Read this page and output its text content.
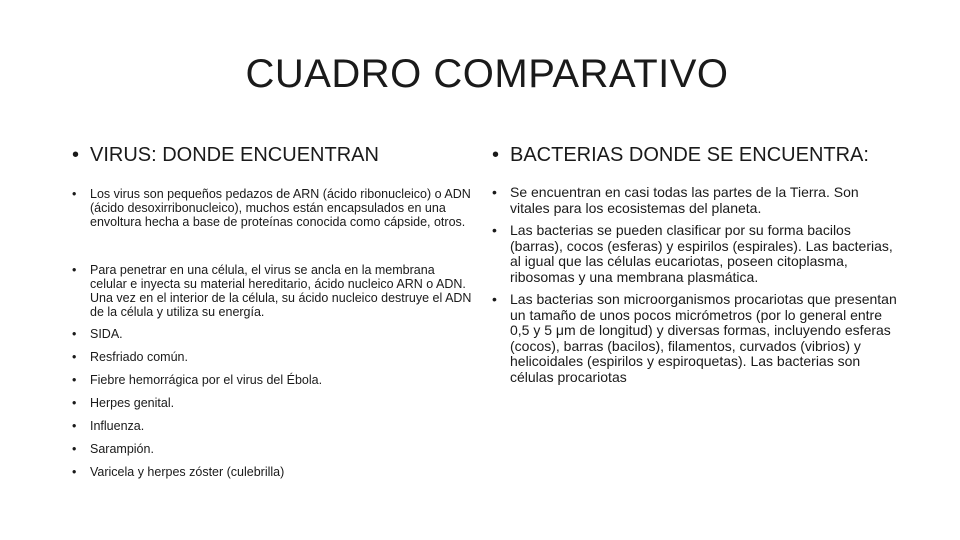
CUADRO COMPARATIVO
• VIRUS: DONDE ENCUENTRAN
•	Los virus son pequeños pedazos de ARN (ácido ribonucleico) o ADN (ácido desoxirribonucleico), muchos están encapsulados en una envoltura hecha a base de proteínas conocida como cápside, otros.
•	Para penetrar en una célula, el virus se ancla en la membrana celular e inyecta su material hereditario, ácido nucleico ARN o ADN. Una vez en el interior de la célula, su ácido nucleico destruye el ADN de la célula y utiliza su energía.
•	SIDA.
•	Resfriado común.
•	Fiebre hemorrágica por el virus del Ébola.
•	Herpes genital.
•	Influenza.
•	Sarampión.
•	Varicela y herpes zóster (culebrilla)
• BACTERIAS DONDE SE ENCUENTRA:
• Se encuentran en casi todas las partes de la Tierra. Son vitales para los ecosistemas del planeta.
• Las bacterias se pueden clasificar por su forma bacilos (barras), cocos (esferas) y espirilos (espirales). Las bacterias, al igual que las células eucariotas, poseen citoplasma, ribosomas y una membrana plasmática.
• Las bacterias son microorganismos procariotas que presentan un tamaño de unos pocos micrómetros (por lo general entre 0,5 y 5 μm de longitud) y diversas formas, incluyendo esferas (cocos), barras (bacilos), filamentos, curvados (vibrios) y helicoidales (espirilos y espiroquetas). Las bacterias son células procariotas
